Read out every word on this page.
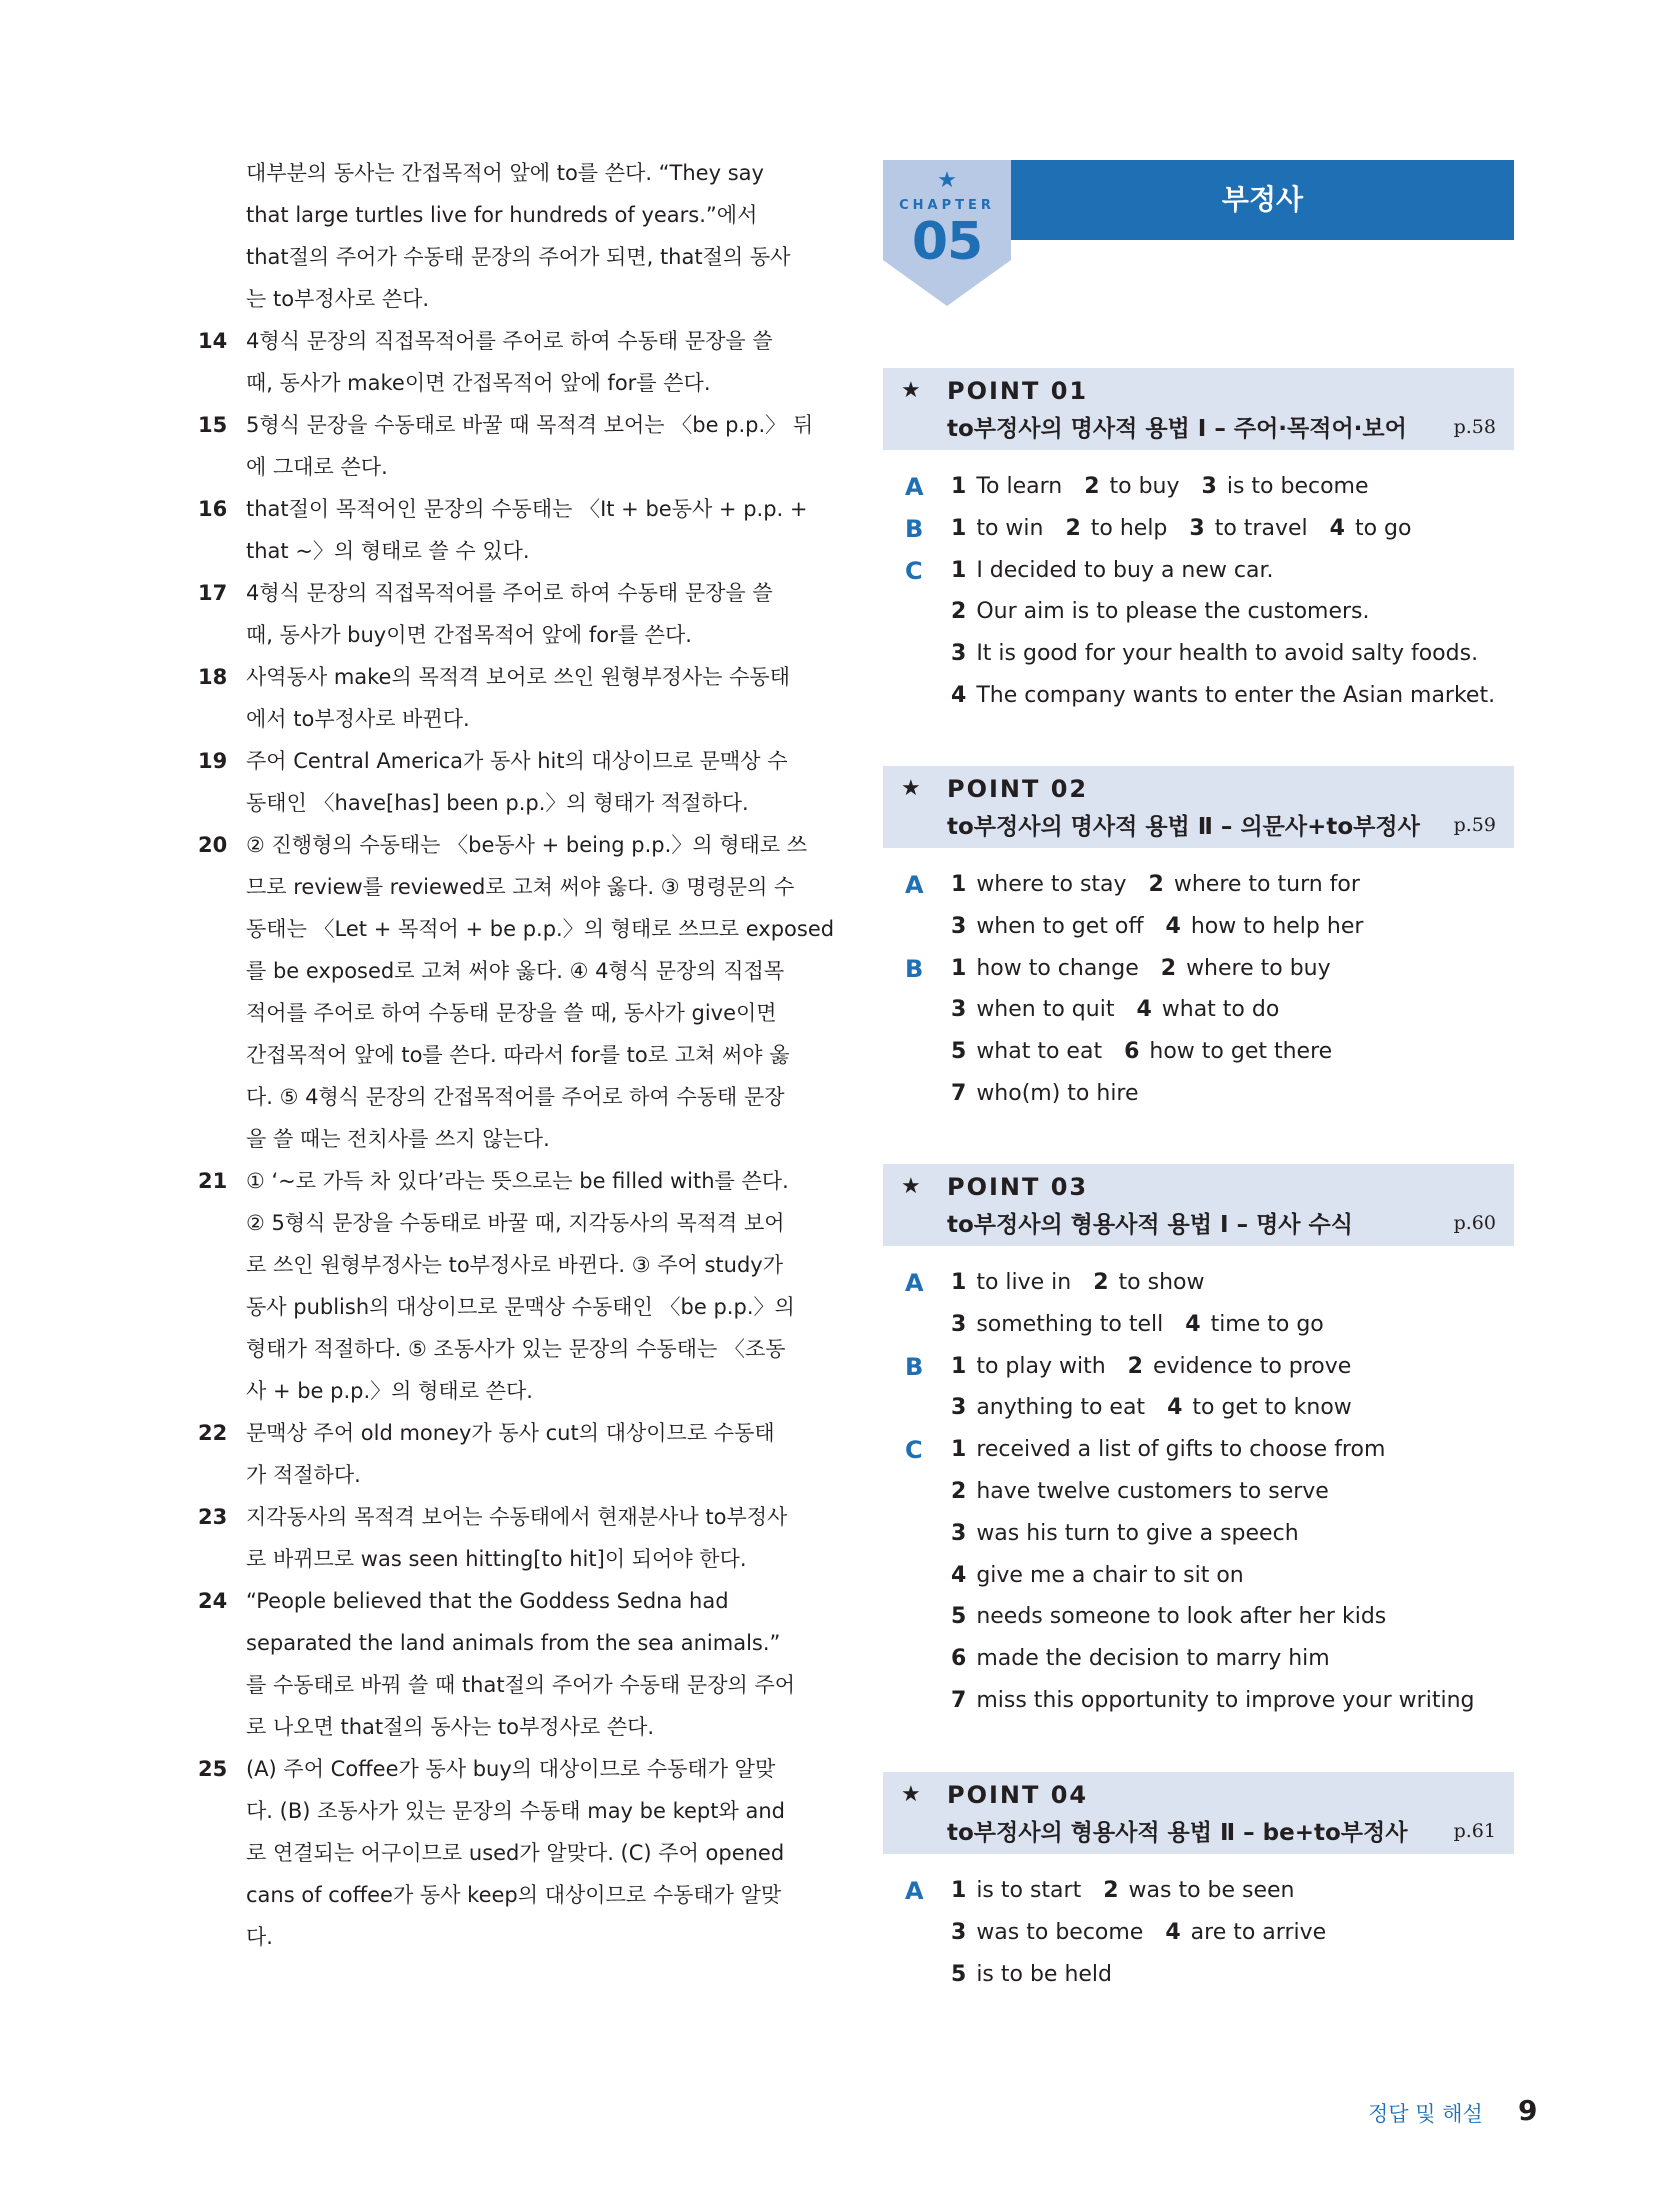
대부분의 동사는 간접목적어 앞에 to를 쓴다. “They say
that large turtles live for hundreds of years.”에서
that절의 주어가 수동태 문장의 주어가 되면, that절의 동사
는 to부정사로 쓴다.
14 4형식 문장의 직접목적어를 주어로 하여 수동태 문장을 쓸
때, 동사가 make이면 간접목적어 앞에 for를 쓴다.
15 5형식 문장을 수동태로 바꿀 때 목적격 보어는 〈be p.p.〉 뒤
에 그대로 쓴다.
16 that절이 목적어인 문장의 수동태는 〈It + be동사 + p.p. +
that ~〉의 형태로 쓸 수 있다.
17 4형식 문장의 직접목적어를 주어로 하여 수동태 문장을 쓸
때, 동사가 buy이면 간접목적어 앞에 for를 쓴다.
18 사역동사 make의 목적격 보어로 쓰인 원형부정사는 수동태
에서 to부정사로 바뀐다.
19 주어 Central America가 동사 hit의 대상이므로 문맥상 수
동태인 〈have[has] been p.p.〉의 형태가 적절하다.
20 ② 진행형의 수동태는 〈be동사 + being p.p.〉의 형태로 쓰
므로 review를 reviewed로 고쳐 써야 옳다. ③ 명령문의 수
동태는 〈Let + 목적어 + be p.p.〉의 형태로 쓰므로 exposed
를 be exposed로 고쳐 써야 옳다. ④ 4형식 문장의 직접목
적어를 주어로 하여 수동태 문장을 쓸 때, 동사가 give이면
간접목적어 앞에 to를 쓴다. 따라서 for를 to로 고쳐 써야 옳
다. ⑤ 4형식 문장의 간접목적어를 주어로 하여 수동태 문장
을 쓸 때는 전치사를 쓰지 않는다.
21 ① ‘~로 가득 차 있다’라는 뜻으로는 be filled with를 쓴다.
② 5형식 문장을 수동태로 바꿀 때, 지각동사의 목적격 보어
로 쓰인 원형부정사는 to부정사로 바뀐다. ③ 주어 study가
동사 publish의 대상이므로 문맥상 수동태인 〈be p.p.〉의
형태가 적절하다. ⑤ 조동사가 있는 문장의 수동태는 〈조동
사 + be p.p.〉의 형태로 쓴다.
22 문맥상 주어 old money가 동사 cut의 대상이므로 수동태
가 적절하다.
23 지각동사의 목적격 보어는 수동태에서 현재분사나 to부정사
로 바뀌므로 was seen hitting[to hit]이 되어야 한다.
24 “People believed that the Goddess Sedna had
separated the land animals from the sea animals.”
를 수동태로 바꿔 쓸 때 that절의 주어가 수동태 문장의 주어
로 나오면 that절의 동사는 to부정사로 쓴다.
25 (A) 주어 Coffee가 동사 buy의 대상이므로 수동태가 알맞
다. (B) 조동사가 있는 문장의 수동태 may be kept와 and
로 연결되는 어구이므로 used가 알맞다. (C) 주어 opened
cans of coffee가 동사 keep의 대상이므로 수동태가 알맞
다.
★
CHAPTER
05
부정사
★ POINT 01
to부정사의 명사적 용법 Ⅰ – 주어·목적어·보어 p.58
A 1 To learn 2 to buy 3 is to become
B 1 to win 2 to help 3 to travel 4 to go
C 1 I decided to buy a new car.
2 Our aim is to please the customers.
3 It is good for your health to avoid salty foods.
4 The company wants to enter the Asian market.
★ POINT 02
to부정사의 명사적 용법 Ⅱ – 의문사+to부정사 p.59
A 1 where to stay 2 where to turn for
3 when to get off 4 how to help her
B 1 how to change 2 where to buy
3 when to quit 4 what to do
5 what to eat 6 how to get there
7 who(m) to hire
★ POINT 03
to부정사의 형용사적 용법 Ⅰ – 명사 수식	p.60
A 1 to live in 2 to show
3 something to tell 4 time to go
B 1 to play with 2 evidence to prove
3 anything to eat 4 to get to know
C 1 received a list of gifts to choose from
2 have twelve customers to serve
3 was his turn to give a speech
4 give me a chair to sit on
5 needs someone to look after her kids
6 made the decision to marry him
7 miss this opportunity to improve your writing
★ POINT 04
to부정사의 형용사적 용법 Ⅱ – be+to부정사 p.61
A 1 is to start 2 was to be seen
3 was to become 4 are to arrive
5 is to be held
정답 및 해설 9
